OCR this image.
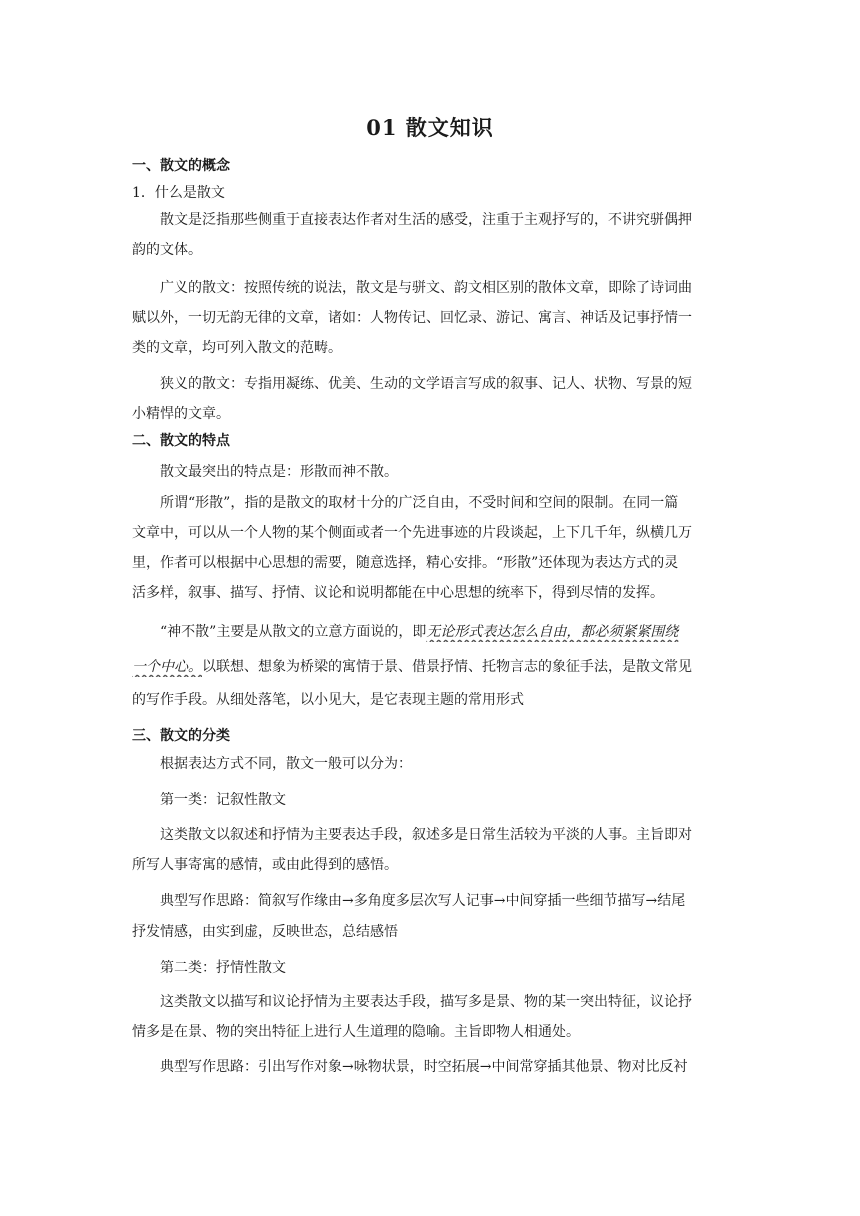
01 散文知识
一、散文的概念
1．什么是散文
散文是泛指那些侧重于直接表达作者对生活的感受，注重于主观抒写的，不讲究骈偶押
韵的文体。
广义的散文：按照传统的说法，散文是与骈文、韵文相区别的散体文章，即除了诗词曲
赋以外，一切无韵无律的文章，诸如：人物传记、回忆录、游记、寓言、神话及记事抒情一
类的文章，均可列入散文的范畴。
狭义的散文：专指用凝练、优美、生动的文学语言写成的叙事、记人、状物、写景的短
小精悍的文章。
二、散文的特点
散文最突出的特点是：形散而神不散。
所谓“形散”，指的是散文的取材十分的广泛自由，不受时间和空间的限制。在同一篇
文章中，可以从一个人物的某个侧面或者一个先进事迹的片段谈起，上下几千年，纵横几万
里，作者可以根据中心思想的需要，随意选择，精心安排。“形散”还体现为表达方式的灵
活多样，叙事、描写、抒情、议论和说明都能在中心思想的统率下，得到尽情的发挥。
“神不散”主要是从散文的立意方面说的，即无论形式表达怎么自由，都必须紧紧围绕
一个中心。以联想、想象为桥梁的寓情于景、借景抒情、托物言志的象征手法，是散文常见
的写作手段。从细处落笔，以小见大，是它表现主题的常用形式
三、散文的分类
根据表达方式不同，散文一般可以分为：
第一类：记叙性散文
这类散文以叙述和抒情为主要表达手段，叙述多是日常生活较为平淡的人事。主旨即对
所写人事寄寓的感情，或由此得到的感悟。
典型写作思路：简叙写作缘由→多角度多层次写人记事→中间穿插一些细节描写→结尾
抒发情感，由实到虚，反映世态，总结感悟
第二类：抒情性散文
这类散文以描写和议论抒情为主要表达手段，描写多是景、物的某一突出特征，议论抒
情多是在景、物的突出特征上进行人生道理的隐喻。主旨即物人相通处。
典型写作思路：引出写作对象→咏物状景，时空拓展→中间常穿插其他景、物对比反衬
